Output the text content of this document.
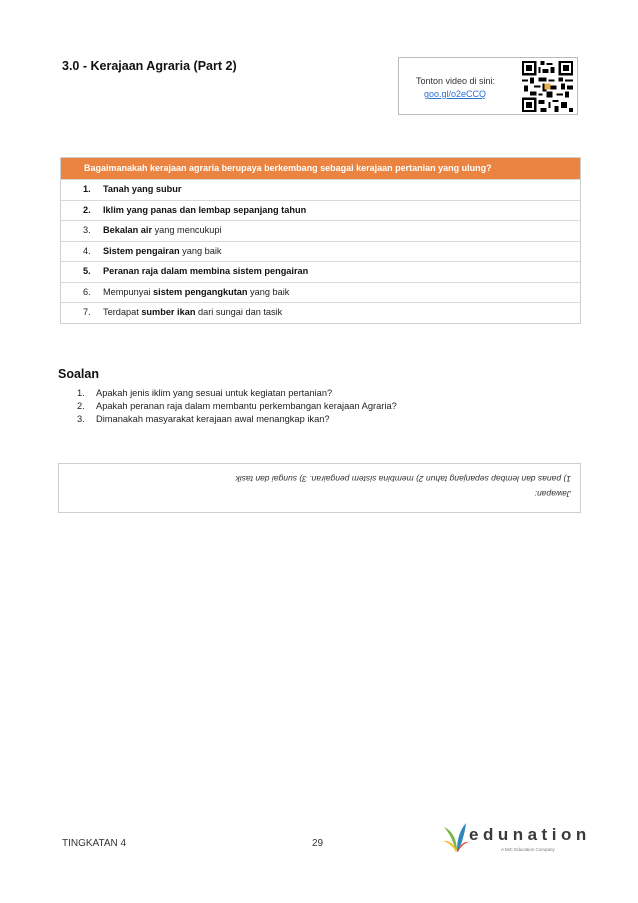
3.0 - Kerajaan Agraria (Part 2)
Tonton video di sini:
goo.gl/o2eCCQ
Bagaimanakah kerajaan agraria berupaya berkembang sebagai kerajaan pertanian yang ulung?
1. Tanah yang subur
2. Iklim yang panas dan lembap sepanjang tahun
3. Bekalan air yang mencukupi
4. Sistem pengairan yang baik
5. Peranan raja dalam membina sistem pengairan
6. Mempunyai sistem pengangkutan yang baik
7. Terdapat sumber ikan dari sungai dan tasik
Soalan
1. Apakah jenis iklim yang sesuai untuk kegiatan pertanian?
2. Apakah peranan raja dalam membantu perkembangan kerajaan Agraria?
3. Dimanakah masyarakat kerajaan awal menangkap ikan?
Jawapan:
1) panas dan lembap sepanjang tahun 2) membina sistem pengairan. 3) sungai dan tasik
TINGKATAN 4	29	edunation
A MiC Education Company
